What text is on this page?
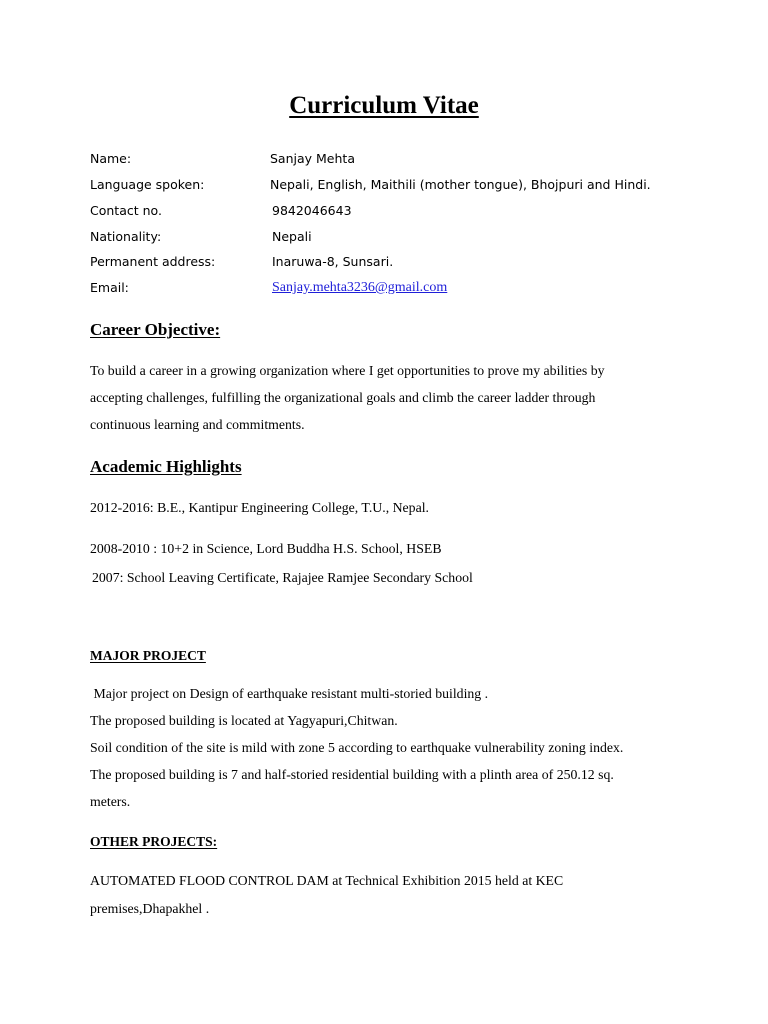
Curriculum Vitae
Name:	Sanjay Mehta
Language spoken:	Nepali, English, Maithili (mother tongue), Bhojpuri and Hindi.
Contact no.	9842046643
Nationality:	Nepali
Permanent address:	Inaruwa-8, Sunsari.
Email:	Sanjay.mehta3236@gmail.com
Career Objective:
To build a career in a growing organization where I get opportunities to prove my abilities by
accepting challenges, fulfilling the organizational goals and climb the career ladder through
continuous learning and commitments.
Academic Highlights
2012-2016: B.E., Kantipur Engineering College, T.U., Nepal.
2008-2010 : 10+2 in Science, Lord Buddha H.S. School, HSEB
2007: School Leaving Certificate, Rajajee Ramjee Secondary School
MAJOR PROJECT
Major project on Design of earthquake resistant multi-storied building .
The proposed building is located at Yagyapuri,Chitwan.
Soil condition of the site is mild with zone 5 according to earthquake vulnerability zoning index.
The proposed building is 7 and half-storied residential building with a plinth area of 250.12 sq.
meters.
OTHER PROJECTS:
AUTOMATED FLOOD CONTROL DAM at Technical Exhibition 2015 held at KEC
premises,Dhapakhel .
